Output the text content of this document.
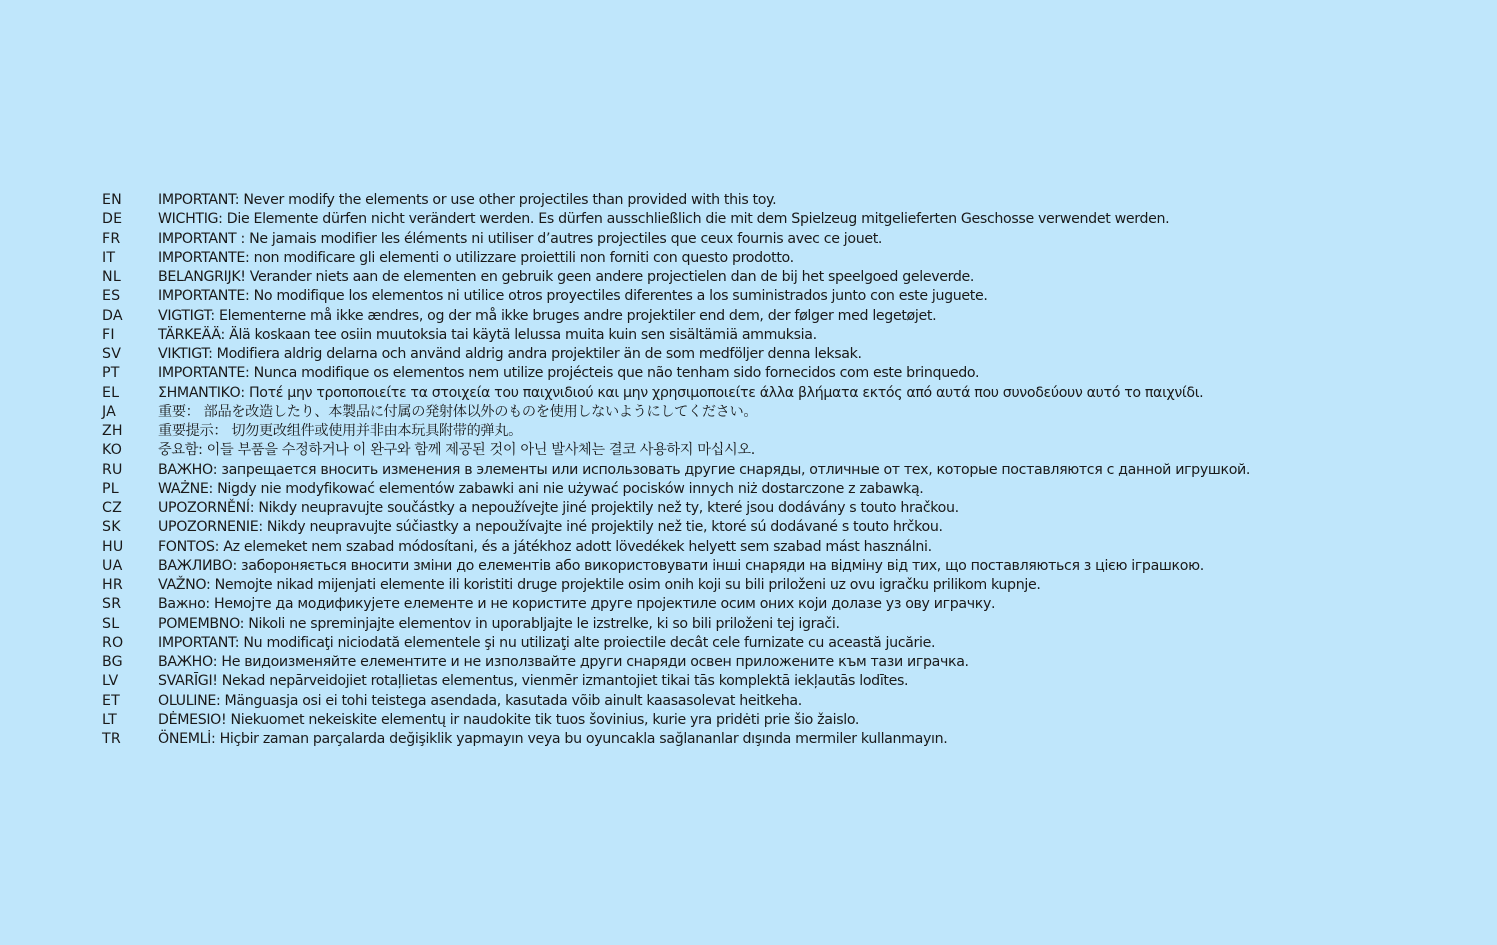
EN	IMPORTANT: Never modify the elements or use other projectiles than provided with this toy.
DE	WICHTIG: Die Elemente dürfen nicht verändert werden. Es dürfen ausschließlich die mit dem Spielzeug mitgelieferten Geschosse verwendet werden.
FR	IMPORTANT : Ne jamais modifier les éléments ni utiliser d’autres projectiles que ceux fournis avec ce jouet.
IT	IMPORTANTE: non modificare gli elementi o utilizzare proiettili non forniti con questo prodotto.
NL	BELANGRIJK! Verander niets aan de elementen en gebruik geen andere projectielen dan de bij het speelgoed geleverde.
ES	IMPORTANTE: No modifique los elementos ni utilice otros proyectiles diferentes a los suministrados junto con este juguete.
DA	VIGTIGT: Elementerne må ikke ændres, og der må ikke bruges andre projektiler end dem, der følger med legetøjet.
FI	TÄRKEÄÄ: Älä koskaan tee osiin muutoksia tai käytä lelussa muita kuin sen sisältämiä ammuksia.
SV	VIKTIGT: Modifiera aldrig delarna och använd aldrig andra projektiler än de som medföljer denna leksak.
PT	IMPORTANTE: Nunca modifique os elementos nem utilize projécteis que não tenham sido fornecidos com este brinquedo.
EL	ΣΗΜΑΝΤΙΚΟ: Ποτέ μην τροποποιείτε τα στοιχεία του παιχνιδιού και μην χρησιμοποιείτε άλλα βλήματα εκτός από αυτά που συνοδεύουν αυτό το παιχνίδι.
JA	重要： 部品を改造したり、本製品に付属の発射体以外のものを使用しないようにしてください。
ZH	重要提示： 切勿更改组件或使用并非由本玩具附带的弹丸。
KO	중요함: 이들 부품을 수정하거나 이 완구와 함께 제공된 것이 아닌 발사체는 결코 사용하지 마십시오.
RU	ВАЖНО: запрещается вносить изменения в элементы или использовать другие снаряды, отличные от тех, которые поставляются с данной игрушкой.
PL	WAŻNE: Nigdy nie modyfikować elementów zabawki ani nie używać pocisków innych niż dostarczone z zabawką.
CZ	UPOZORNĚNÍ: Nikdy neupravujte součástky a nepoužívejte jiné projektily než ty, které jsou dodávány s touto hračkou.
SK	UPOZORNENIE: Nikdy neupravujte súčiastky a nepoužívajte iné projektily než tie, ktoré sú dodávané s touto hrčkou.
HU	FONTOS: Az elemeket nem szabad módosítani, és a játékhoz adott lövedékek helyett sem szabad mást használni.
UA	ВАЖЛИВО: забороняється вносити зміни до елементів або використовувати інші снаряди на відміну від тих, що поставляються з цією іграшкою.
HR	VAŽNO: Nemojte nikad mijenjati elemente ili koristiti druge projektile osim onih koji su bili priloženi uz ovu igračku prilikom kupnje.
SR	Важно: Немојте да модификујете елементе и не користите друге пројектиле осим оних који долазе уз ову играчку.
SL	POMEMBNO: Nikoli ne spreminjajte elementov in uporabljajte le izstrelke, ki so bili priloženi tej igrači.
RO	IMPORTANT: Nu modificaţi niciodată elementele şi nu utilizaţi alte proiectile decât cele furnizate cu această jucărie.
BG	ВАЖНО: Не видоизменяйте елементите и не използвайте други снаряди освен приложените към тази играчка.
LV	SVARĪGI! Nekad nepārveidojiet rotaļlietas elementus, vienmēr izmantojiet tikai tās komplektā iekļautās lodītes.
ET	OLULINE: Mänguasja osi ei tohi teistega asendada, kasutada võib ainult kaasasolevat heitkeha.
LT	DĖMESIO! Niekuomet nekeiskite elementų ir naudokite tik tuos šovinius, kurie yra pridėti prie šio žaislo.
TR	ÖNEMLİ: Hiçbir zaman parçalarda değişiklik yapmayın veya bu oyuncakla sağlananlar dışında mermiler kullanmayın.
